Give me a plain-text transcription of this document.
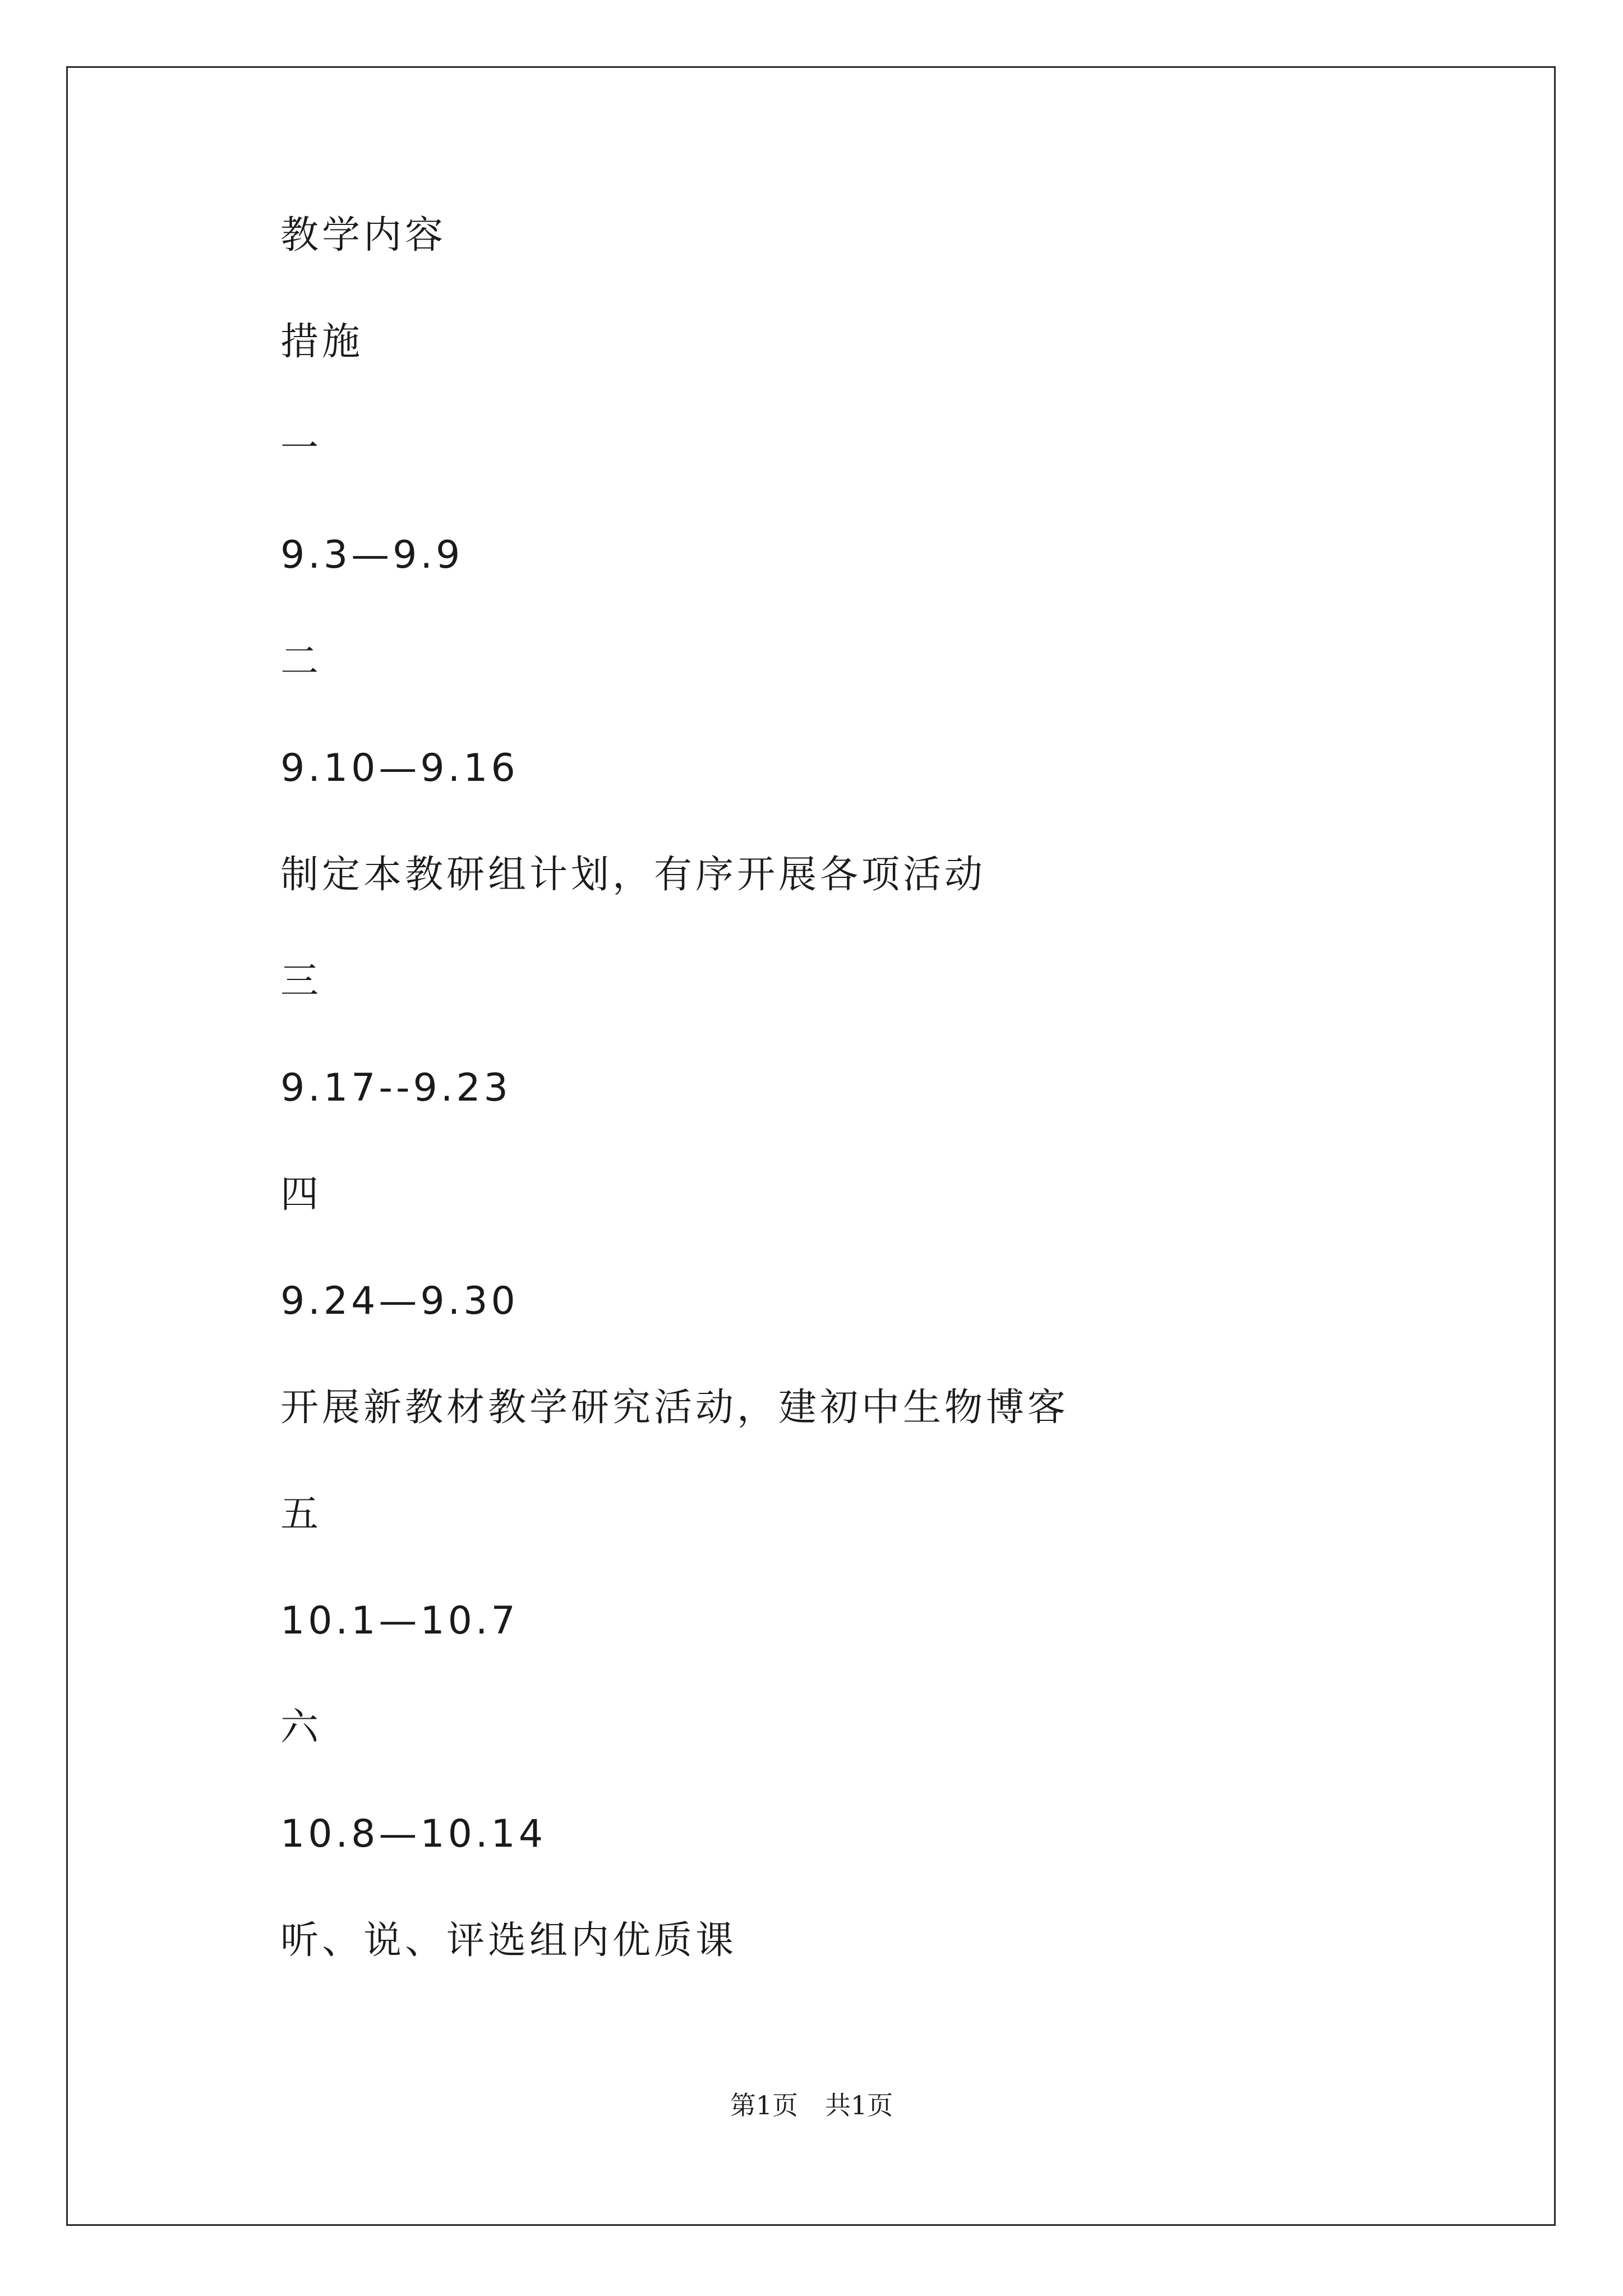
教学内容
措施
一
9.3—9.9
二
9.10—9.16
制定本教研组计划，有序开展各项活动
三
9.17--9.23
四
9.24—9.30
开展新教材教学研究活动，建初中生物博客
五
10.1—10.7
六
10.8—10.14
听、说、评选组内优质课
第1页 共1页
